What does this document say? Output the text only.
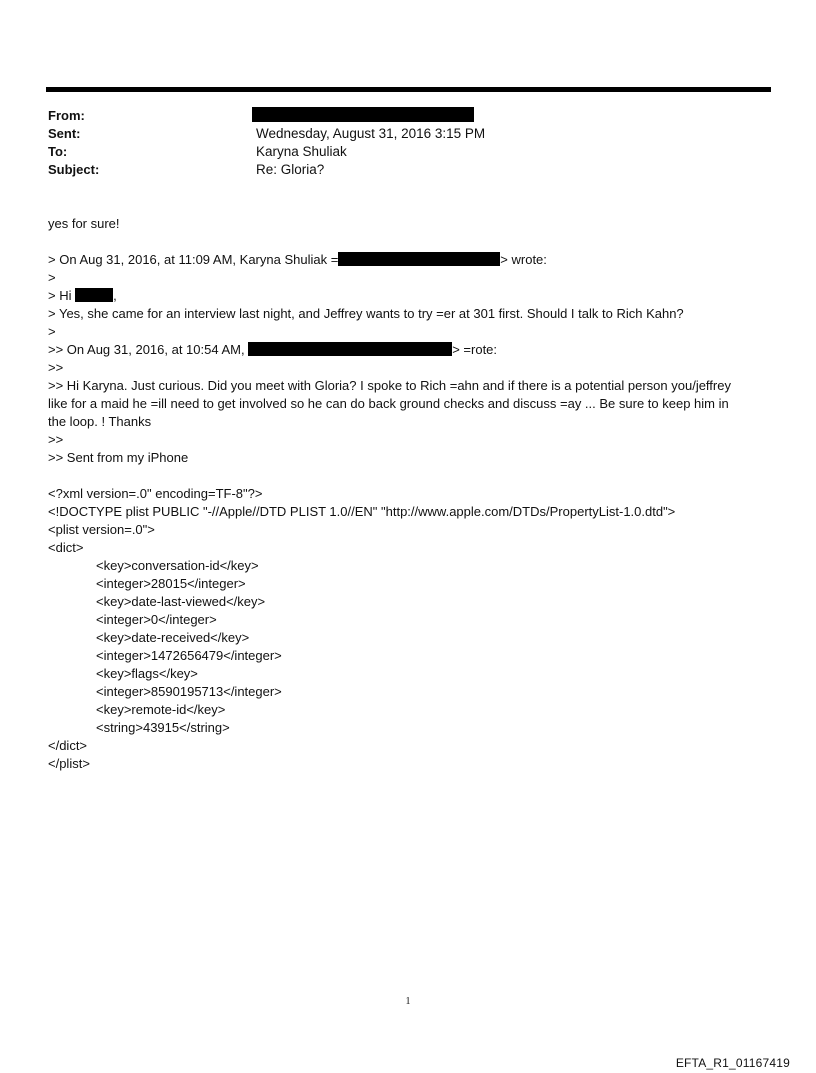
From:
Sent:	Wednesday, August 31, 2016 3:15 PM
To:	Karyna Shuliak
Subject:	Re: Gloria?
yes for sure!
> On Aug 31, 2016, at 11:09 AM, Karyna Shuliak =	> wrote:
>
> Hi	,
> Yes, she came for an interview last night, and Jeffrey wants to try =er at 301 first. Should I talk to Rich Kahn?
>
>> On Aug 31, 2016, at 10:54 AM,	> =rote:
>>
>> Hi Karyna. Just curious. Did you meet with Gloria? I spoke to Rich =ahn and if there is a potential person you/jeffrey
like for a maid he =ill need to get involved so he can do back ground checks and discuss =ay ... Be sure to keep him in
the loop. ! Thanks
>>
>> Sent from my iPhone
<?xml version=.0" encoding=TF-8"?>
<!DOCTYPE plist PUBLIC "-//Apple//DTD PLIST 1.0//EN" "http://www.apple.com/DTDs/PropertyList-1.0.dtd">
<plist version=.0">
<dict>
<key>conversation-id</key>
<integer>28015</integer>
<key>date-last-viewed</key>
<integer>0</integer>
<key>date-received</key>
<integer>1472656479</integer>
<key>flags</key>
<integer>8590195713</integer>
<key>remote-id</key>
<string>43915</string>
</dict>
</plist>
1
EFTA_R1_01167419
